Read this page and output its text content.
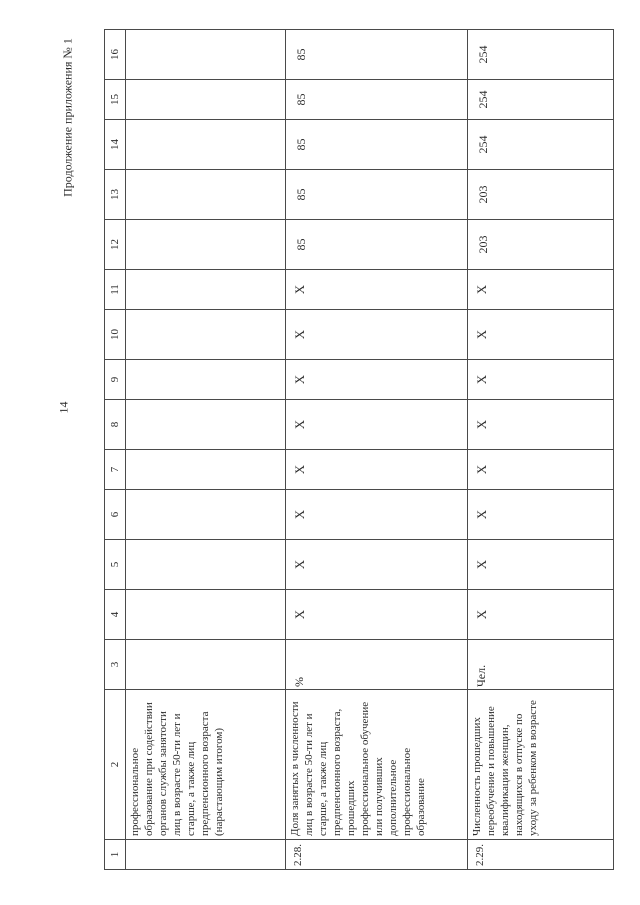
14
Продолжение приложения № 1
1	2	3	4	5	6	7	8	9	10	11	12	13	14	15	16
	профессиональное образование при содействии органов службы занятости лиц в возрасте 50-ти лет и старше, а также лиц предпенсионного возраста (нарастающим итогом)														
2.28.	Доля занятых в численности лиц в возрасте 50-ти лет и старше, а также лиц предпенсионного возраста, прошедших профессиональное обучение или получивших дополнительное профессиональное образование	%	X	X	X	X	X	X	X	X	85	85	85	85	85
2.29.	Численность прошедших переобучение и повышение квалификации женщин, находящихся в отпуске по уходу за ребенком в возрасте	Чел.	X	X	X	X	X	X	X	X	203	203	254	254	254
